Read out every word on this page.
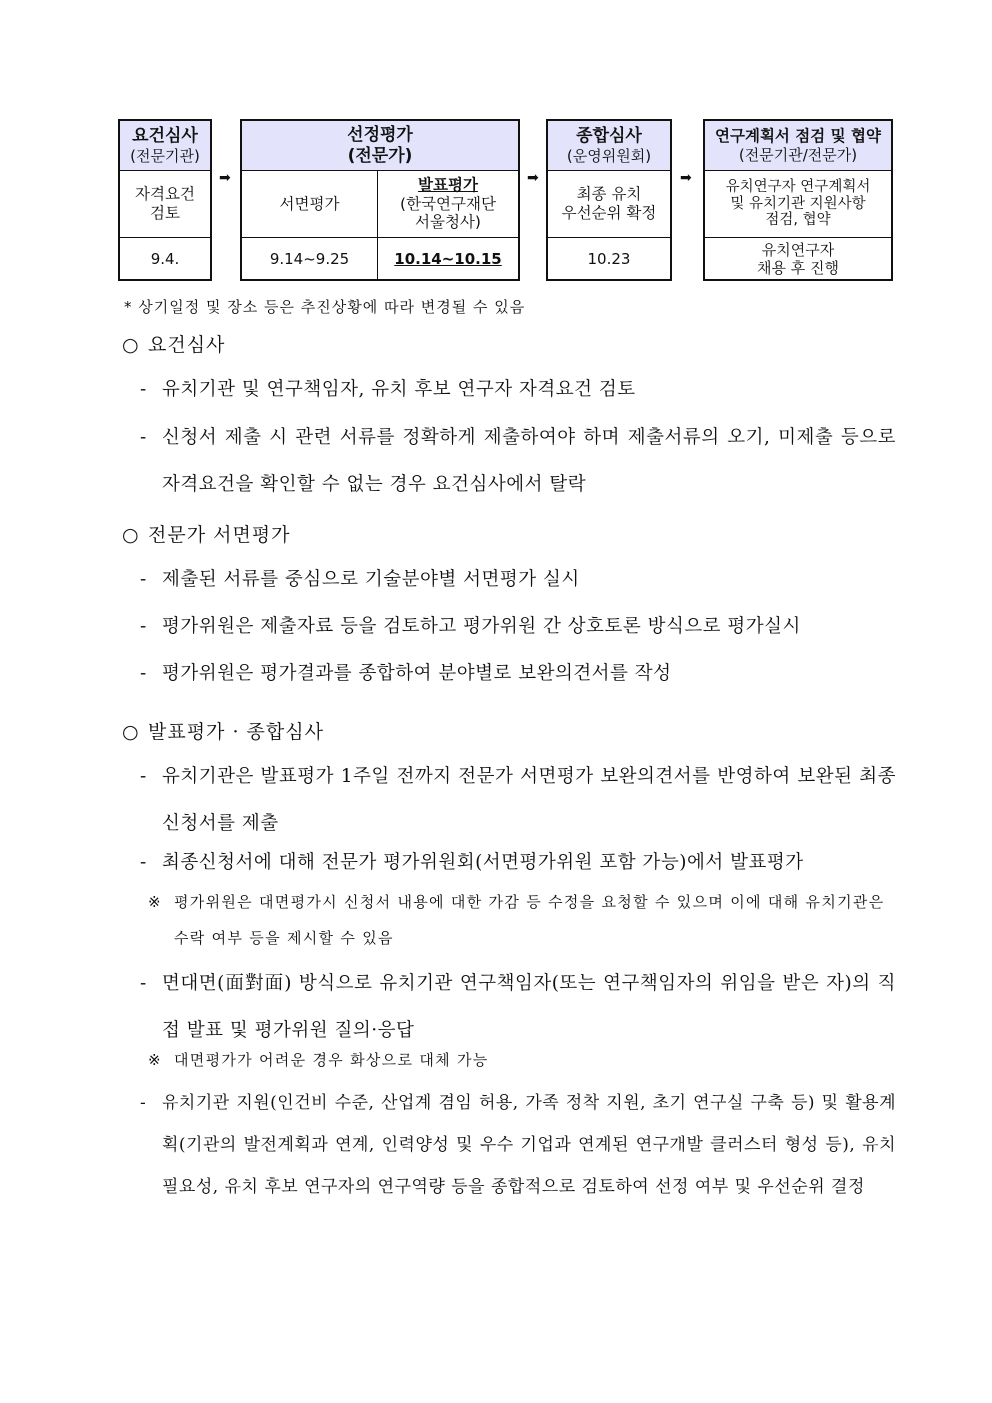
요건심사
(전문기관)
자격요건
검토
9.4.
➡
선정평가
(전문가)
서면평가
발표평가
(한국연구재단
서울청사)
9.14~9.25	10.14~10.15
➡
종합심사
(운영위원회)
최종 유치
우선순위 확정
10.23
➡
연구계획서 점검 및 협약
(전문기관/전문가)
유치연구자 연구계획서
및 유치기관 지원사항
점검, 협약
유치연구자
채용 후 진행
* 상기일정 및 장소 등은 추진상황에 따라 변경될 수 있음
○ 요건심사
- 유치기관 및 연구책임자, 유치 후보 연구자 자격요건 검토
- 신청서 제출 시 관련 서류를 정확하게 제출하여야 하며 제출서류의 오기, 미제출 등으로 자격요건을 확인할 수 없는 경우 요건심사에서 탈락
○ 전문가 서면평가
- 제출된 서류를 중심으로 기술분야별 서면평가 실시
- 평가위원은 제출자료 등을 검토하고 평가위원 간 상호토론 방식으로 평가실시
- 평가위원은 평가결과를 종합하여 분야별로 보완의견서를 작성
○ 발표평가 · 종합심사
- 유치기관은 발표평가 1주일 전까지 전문가 서면평가 보완의견서를 반영하여 보완된 최종신청서를 제출
- 최종신청서에 대해 전문가 평가위원회(서면평가위원 포함 가능)에서 발표평가
※ 평가위원은 대면평가시 신청서 내용에 대한 가감 등 수정을 요청할 수 있으며 이에 대해 유치기관은 수락 여부 등을 제시할 수 있음
- 면대면(面對面) 방식으로 유치기관 연구책임자(또는 연구책임자의 위임을 받은 자)의 직접 발표 및 평가위원 질의·응답
※ 대면평가가 어려운 경우 화상으로 대체 가능
- 유치기관 지원(인건비 수준, 산업계 겸임 허용, 가족 정착 지원, 초기 연구실 구축 등) 및 활용계획(기관의 발전계획과 연계, 인력양성 및 우수 기업과 연계된 연구개발 클러스터 형성 등), 유치 필요성, 유치 후보 연구자의 연구역량 등을 종합적으로 검토하여 선정 여부 및 우선순위 결정
